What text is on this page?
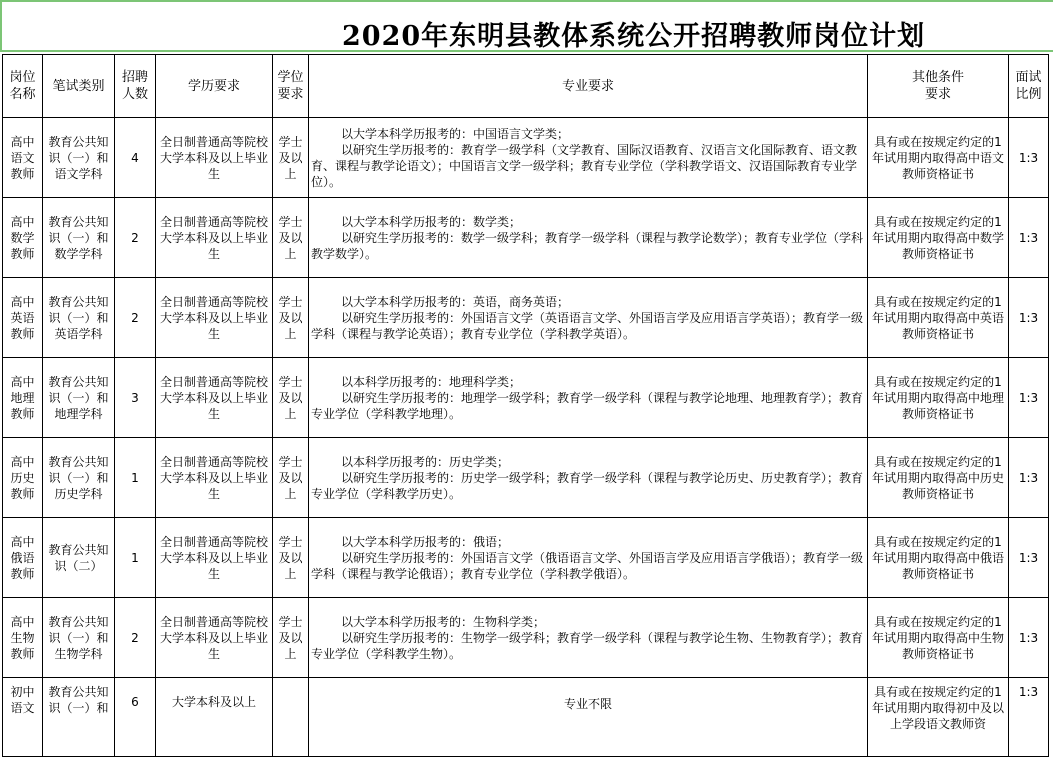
2020年东明县教体系统公开招聘教师岗位计划
岗位名称	笔试类别	招聘人数	学历要求	学位要求	专业要求	其他条件要求	面试比例
高中语文教师	教育公共知识（一）和语文学科	4	全日制普通高等院校大学本科及以上毕业生	学士及以上	以大学本科学历报考的：中国语言文学类；

以研究生学历报考的：教育学一级学科（文学教育、国际汉语教育、汉语言文化国际教育、语文教育、课程与教学论语文）；中国语言文学一级学科；教育专业学位（学科教学语文、汉语国际教育专业学位）。	具有或在按规定约定的1年试用期内取得高中语文教师资格证书	1:3
高中数学教师	教育公共知识（一）和数学学科	2	全日制普通高等院校大学本科及以上毕业生	学士及以上	以大学本科学历报考的：数学类；

以研究生学历报考的：数学一级学科；教育学一级学科（课程与教学论数学）；教育专业学位（学科教学数学）。	具有或在按规定约定的1年试用期内取得高中数学教师资格证书	1:3
高中英语教师	教育公共知识（一）和英语学科	2	全日制普通高等院校大学本科及以上毕业生	学士及以上	以大学本科学历报考的：英语，商务英语；

以研究生学历报考的：外国语言文学（英语语言文学、外国语言学及应用语言学英语）；教育学一级学科（课程与教学论英语）；教育专业学位（学科教学英语）。	具有或在按规定约定的1年试用期内取得高中英语教师资格证书	1:3
高中地理教师	教育公共知识（一）和地理学科	3	全日制普通高等院校大学本科及以上毕业生	学士及以上	以本科学历报考的：地理科学类；

以研究生学历报考的：地理学一级学科；教育学一级学科（课程与教学论地理、地理教育学）；教育专业学位（学科教学地理）。	具有或在按规定约定的1年试用期内取得高中地理教师资格证书	1:3
高中历史教师	教育公共知识（一）和历史学科	1	全日制普通高等院校大学本科及以上毕业生	学士及以上	以本科学历报考的：历史学类；

以研究生学历报考的：历史学一级学科；教育学一级学科（课程与教学论历史、历史教育学）；教育专业学位（学科教学历史）。	具有或在按规定约定的1年试用期内取得高中历史教师资格证书	1:3
高中俄语教师	教育公共知识（二）	1	全日制普通高等院校大学本科及以上毕业生	学士及以上	以大学本科学历报考的：俄语；

以研究生学历报考的：外国语言文学（俄语语言文学、外国语言学及应用语言学俄语）；教育学一级学科（课程与教学论俄语）；教育专业学位（学科教学俄语）。	具有或在按规定约定的1年试用期内取得高中俄语教师资格证书	1:3
高中生物教师	教育公共知识（一）和生物学科	2	全日制普通高等院校大学本科及以上毕业生	学士及以上	以大学本科学历报考的：生物科学类；

以研究生学历报考的：生物学一级学科；教育学一级学科（课程与教学论生物、生物教育学）；教育专业学位（学科教学生物）。	具有或在按规定约定的1年试用期内取得高中生物教师资格证书	1:3
初中语文	教育公共知识（一）和	6	大学本科及以上		专业不限	具有或在按规定约定的1年试用期内取得初中及以上学段语文教师资	1:3
